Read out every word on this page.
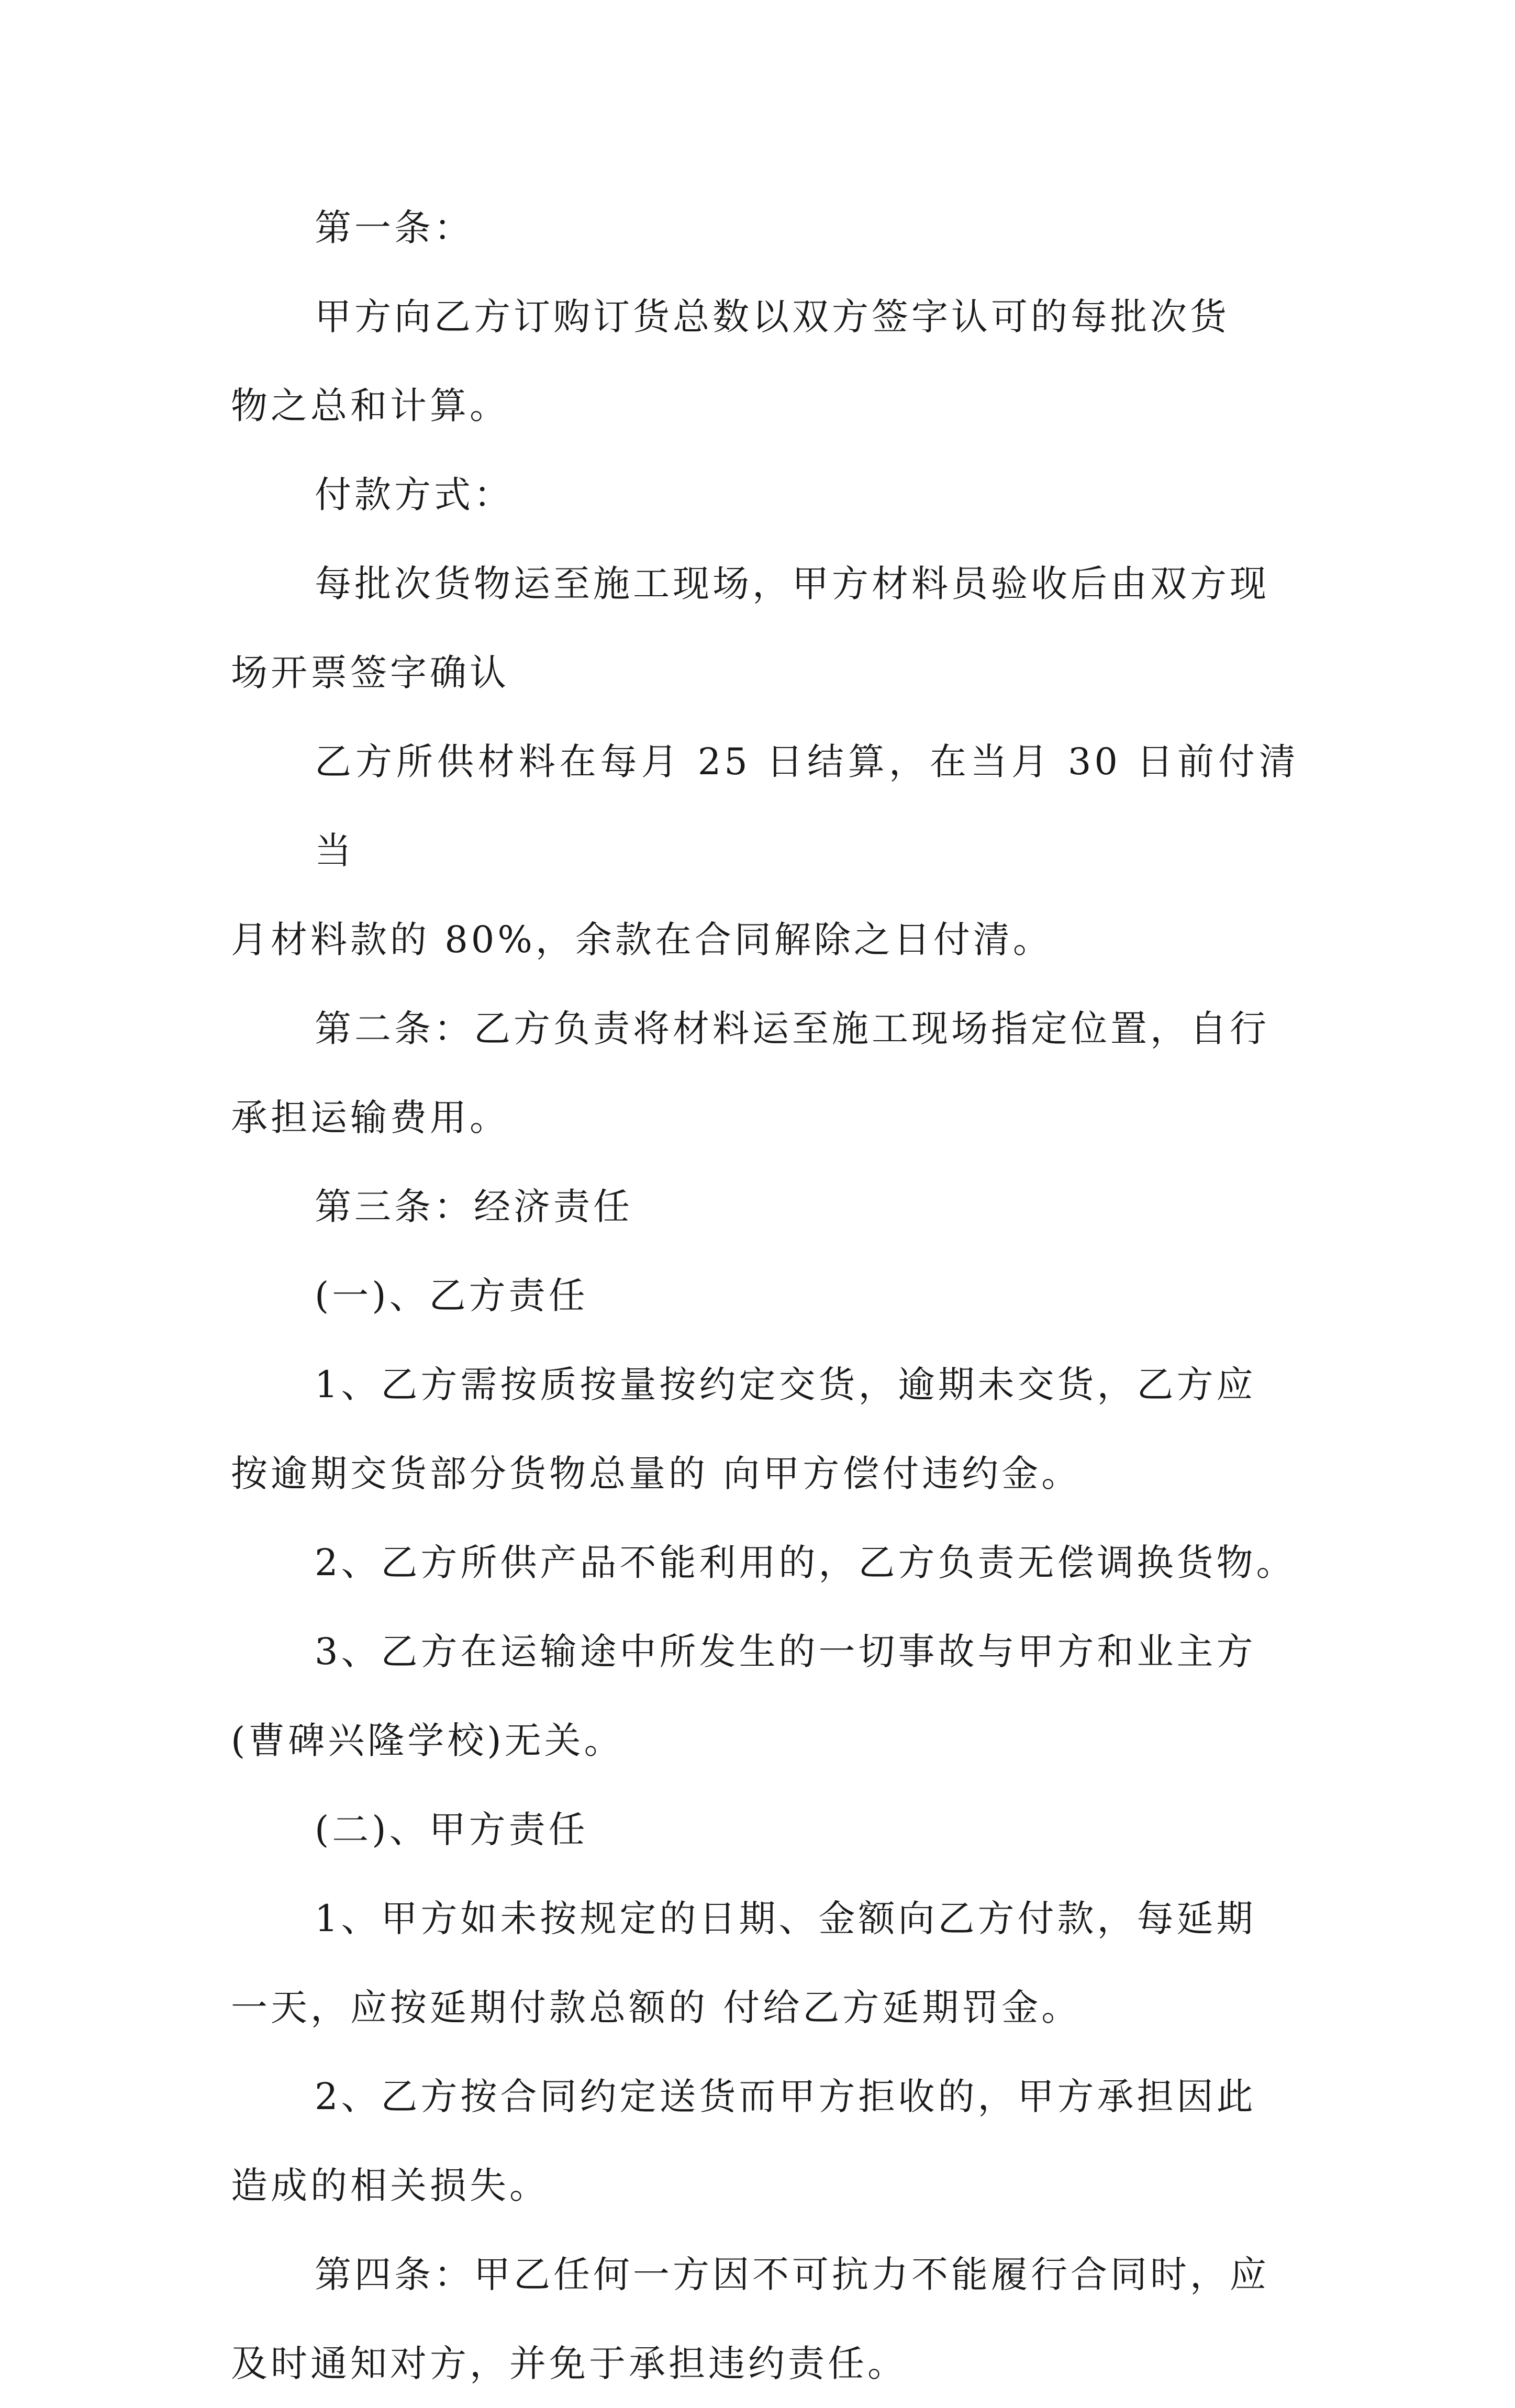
第一条：

甲方向乙方订购订货总数以双方签字认可的每批次货
物之总和计算。

付款方式：

每批次货物运至施工现场，甲方材料员验收后由双方现
场开票签字确认

乙方所供材料在每月 25 日结算，在当月 30 日前付清当
月材料款的 80%，余款在合同解除之日付清。

第二条：乙方负责将材料运至施工现场指定位置，自行
承担运输费用。

第三条：经济责任

(一)、乙方责任

1、乙方需按质按量按约定交货，逾期未交货，乙方应
按逾期交货部分货物总量的 向甲方偿付违约金。

2、乙方所供产品不能利用的，乙方负责无偿调换货物。

3、乙方在运输途中所发生的一切事故与甲方和业主方
(曹碑兴隆学校)无关。

(二)、甲方责任

1、甲方如未按规定的日期、金额向乙方付款，每延期
一天，应按延期付款总额的 付给乙方延期罚金。

2、乙方按合同约定送货而甲方拒收的，甲方承担因此
造成的相关损失。

第四条：甲乙任何一方因不可抗力不能履行合同时，应
及时通知对方，并免于承担违约责任。
